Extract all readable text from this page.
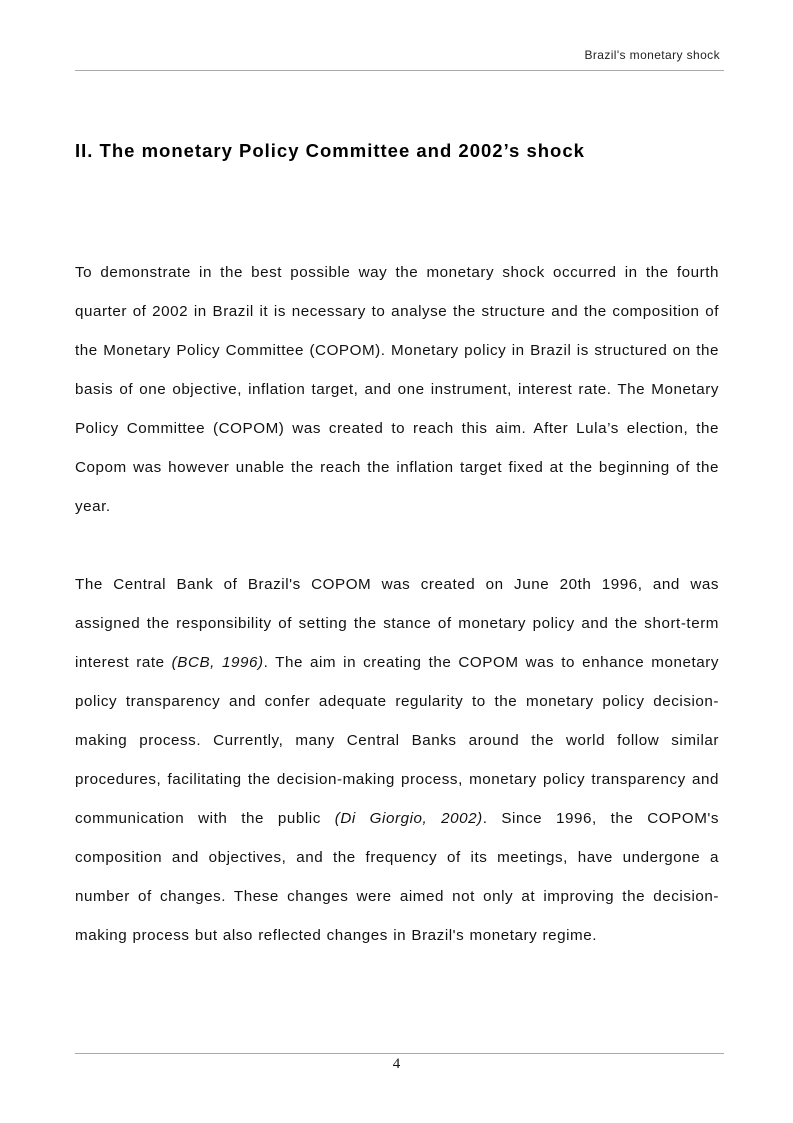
Brazil's monetary shock
II. The monetary Policy Committee and 2002’s shock

To demonstrate in the best possible way the monetary shock occurred in the fourth quarter of 2002 in Brazil it is necessary to analyse the structure and the composition of the Monetary Policy Committee (COPOM). Monetary policy in Brazil is structured on the basis of one objective, inflation target, and one instrument, interest rate. The Monetary Policy Committee (COPOM) was created to reach this aim. After Lula’s election, the Copom was however unable the reach the inflation target fixed at the beginning of the year.

The Central Bank of Brazil's COPOM was created on June 20th 1996, and was assigned the responsibility of setting the stance of monetary policy and the short-term interest rate (BCB, 1996). The aim in creating the COPOM was to enhance monetary policy transparency and confer adequate regularity to the monetary policy decision-making process. Currently, many Central Banks around the world follow similar procedures, facilitating the decision-making process, monetary policy transparency and communication with the public (Di Giorgio, 2002). Since 1996, the COPOM's composition and objectives, and the frequency of its meetings, have undergone a number of changes. These changes were aimed not only at improving the decision-making process but also reflected changes in Brazil's monetary regime.

4
